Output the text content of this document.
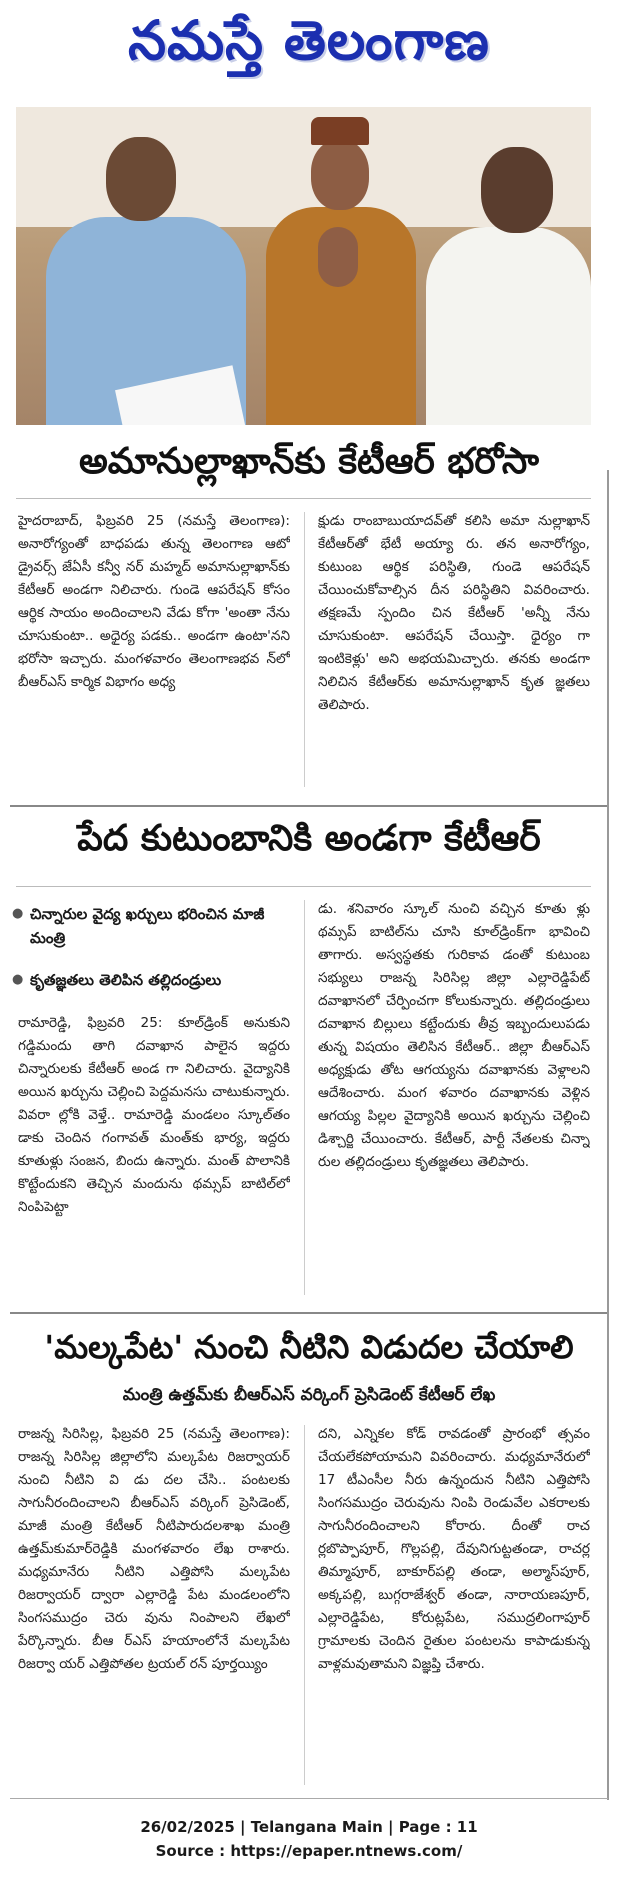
నమస్తే తెలంగాణ
అమానుల్లాఖాన్‌కు కేటీఆర్ భరోసా
హైదరాబాద్, ఫిబ్రవరి 25 (నమస్తే తెలంగాణ): అనారోగ్యంతో బాధపడు తున్న తెలంగాణ ఆటో డ్రైవర్స్ జేఏసీ కన్వీ నర్ మహ్మద్ అమానుల్లాఖాన్‌కు కేటీఆర్ అండగా నిలిచారు. గుండె ఆపరేషన్ కోసం ఆర్థిక సాయం అందించాలని వేడు కోగా 'అంతా నేను చూసుకుంటా.. అధైర్య పడకు.. అండగా ఉంటా'నని భరోసా ఇచ్చారు. మంగళవారం తెలంగాణభవ న్‌లో బీఆర్ఎస్ కార్మిక విభాగం అధ్య
క్షుడు రాంబాబుయాదవ్‌తో కలిసి అమా నుల్లాఖాన్ కేటీఆర్‌తో భేటీ అయ్యా రు. తన అనారోగ్యం, కుటుంబ ఆర్థిక పరిస్థితి, గుండె ఆపరేషన్ చేయించుకోవాల్సిన దీన పరిస్థితిని వివరించారు. తక్షణమే స్పందిం చిన కేటీఆర్ 'అన్నీ నేను చూసుకుంటా. ఆపరేషన్ చేయిస్తా. ధైర్యం గా ఇంటికెళ్లు' అని అభయమిచ్చారు. తనకు అండగా నిలిచిన కేటీఆర్‌కు అమానుల్లాఖాన్ కృత జ్ఞతలు తెలిపారు.
పేద కుటుంబానికి అండగా కేటీఆర్
● చిన్నారుల వైద్య ఖర్చులు భరించిన మాజీ మంత్రి
● కృతజ్ఞతలు తెలిపిన తల్లిదండ్రులు
రామారెడ్డి, ఫిబ్రవరి 25: కూల్‌డ్రింక్ అనుకుని గడ్డిమందు తాగి దవాఖాన పాలైన ఇద్దరు చిన్నారులకు కేటీఆర్ అండ గా నిలిచారు. వైద్యానికి అయిన ఖర్చును చెల్లించి పెద్దమనసు చాటుకున్నారు. వివరా ల్లోకి వెళ్తే.. రామారెడ్డి మండలం స్కూల్‌తం డాకు చెందిన గంగావత్ మంత్‌కు భార్య, ఇద్దరు కూతుళ్లు సంజన, బిందు ఉన్నారు. మంత్ పొలానికి కొట్టేందుకని తెచ్చిన మందును థమ్సప్ బాటిల్‌లో నింపిపెట్టా
డు. శనివారం స్కూల్ నుంచి వచ్చిన కూతు ళ్లు థమ్సప్ బాటిల్‌ను చూసి కూల్‌డ్రింక్‌గా భావించి తాగారు. అస్వస్థతకు గురికావ డంతో కుటుంబ సభ్యులు రాజన్న సిరిసిల్ల జిల్లా ఎల్లారెడ్డిపేట్ దవాఖానలో చేర్పించగా కోలుకున్నారు. తల్లిదండ్రులు దవాఖాన బిల్లులు కట్టేందుకు తీవ్ర ఇబ్బందులుపడు తున్న విషయం తెలిసిన కేటీఆర్.. జిల్లా బీఆర్ఎస్ అధ్యక్షుడు తోట ఆగయ్యను దవాఖానకు వెళ్లాలని ఆదేశించారు. మంగ ళవారం దవాఖానకు వెళ్లిన ఆగయ్య పిల్లల వైద్యానికి అయిన ఖర్చును చెల్లించి డిశ్చార్జి చేయించారు. కేటీఆర్, పార్టీ నేతలకు చిన్నా రుల తల్లిదండ్రులు కృతజ్ఞతలు తెలిపారు.
'మల్కపేట' నుంచి నీటిని విడుదల చేయాలి
మంత్రి ఉత్తమ్‌కు బీఆర్ఎస్ వర్కింగ్ ప్రెసిడెంట్ కేటీఆర్ లేఖ
రాజన్న సిరిసిల్ల, ఫిబ్రవరి 25 (నమస్తే తెలంగాణ): రాజన్న సిరిసిల్ల జిల్లాలోని మల్కపేట రిజర్వాయర్ నుంచి నీటిని వి డు దల చేసి.. పంటలకు సాగునీరందించాలని బీఆర్ఎస్ వర్కింగ్ ప్రెసిడెంట్, మాజీ మంత్రి కేటీఆర్ నీటిపారుదలశాఖ మంత్రి ఉత్తమ్‌కుమార్‌రెడ్డికి మంగళవారం లేఖ రాశారు. మధ్యమానేరు నీటిని ఎత్తిపోసి మల్కపేట రిజర్వాయర్ ద్వారా ఎల్లారెడ్డి పేట మండలంలోని సింగసముద్రం చెరు వును నింపాలని లేఖలో పేర్కొన్నారు. బీఆ ర్ఎస్ హయాంలోనే మల్కపేట రిజర్వా యర్ ఎత్తిపోతల ట్రయల్ రన్ పూర్తయ్యిం
దని, ఎన్నికల కోడ్ రావడంతో ప్రారంభో త్సవం చేయలేకపోయామని వివరించారు. మధ్యమానేరులో 17 టీఎంసీల నీరు ఉన్నందున నీటిని ఎత్తిపోసి సింగసముద్రం చెరువును నింపి రెండువేల ఎకరాలకు సాగునీరందించాలని కోరారు. దీంతో రాచ ర్లబొప్పాపూర్, గొల్లపల్లి, దేవునిగుట్టతండా, రాచర్ల తిమ్మాపూర్, బాకూర్‌పల్లి తండా, అల్మాస్‌పూర్, అక్కపల్లి, బుగ్గరాజేశ్వర్ తండా, నారాయణపూర్, ఎల్లారెడ్డిపేట, కోరుట్లపేట, సముద్రలింగాపూర్ గ్రామాలకు చెందిన రైతుల పంటలను కాపాడుకున్న వాళ్లమవుతామని విజ్ఞప్తి చేశారు.
26/02/2025 | Telangana Main | Page : 11
Source : https://epaper.ntnews.com/
